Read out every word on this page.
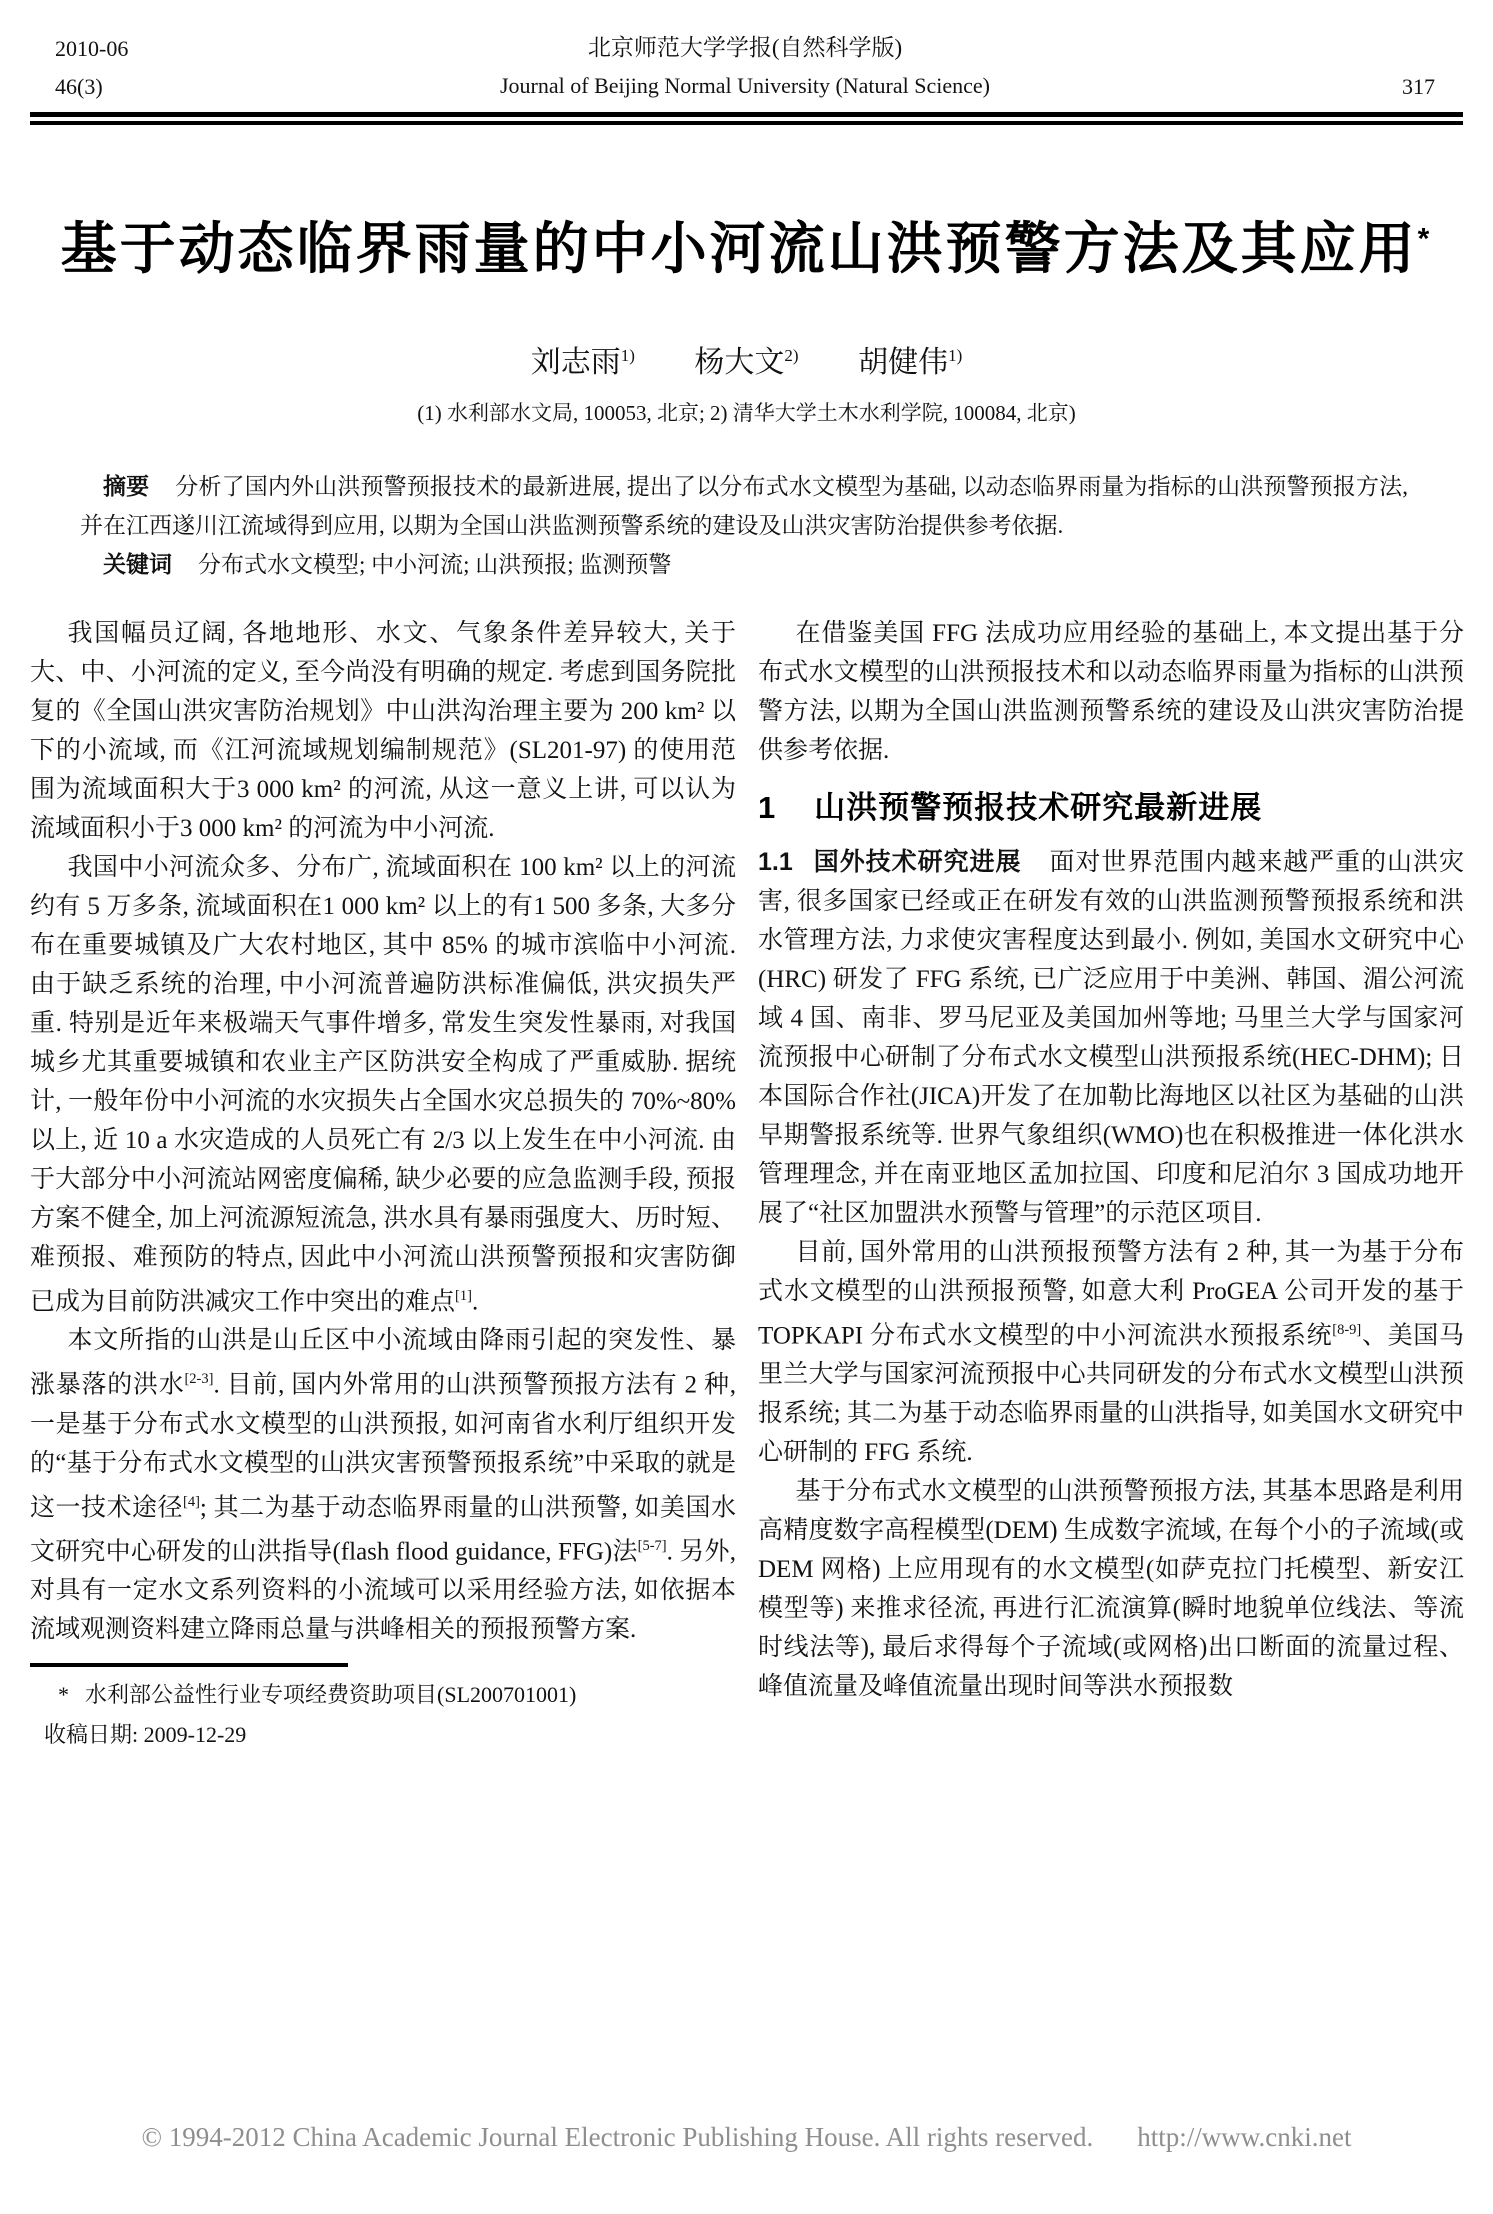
2010-06
46(3)
北京师范大学学报(自然科学版)
Journal of Beijing Normal University (Natural Science)	317
基于动态临界雨量的中小河流山洪预警方法及其应用*
刘志雨$^{1)}$ 杨大文$^{2)}$ 胡健伟$^{1)}$
(1) 水利部水文局, 100053, 北京; 2) 清华大学土木水利学院, 100084, 北京)

摘要 分析了国内外山洪预警预报技术的最新进展, 提出了以分布式水文模型为基础, 以动态临界雨量为指标的山洪预警预报方法, 并在江西遂川江流域得到应用, 以期为全国山洪监测预警系统的建设及山洪灾害防治提供参考依据.

关键词 分布式水文模型; 中小河流; 山洪预报; 监测预警

我国幅员辽阔, 各地地形、水文、气象条件差异较大, 关于大、中、小河流的定义, 至今尚没有明确的规定. 考虑到国务院批复的《全国山洪灾害防治规划》中山洪沟治理主要为 200 km² 以下的小流域, 而《江河流域规划编制规范》(SL201-97) 的使用范围为流域面积大于3 000 km² 的河流, 从这一意义上讲, 可以认为流域面积小于3 000 km² 的河流为中小河流.

我国中小河流众多、分布广, 流域面积在 100 km² 以上的河流约有 5 万多条, 流域面积在1 000 km² 以上的有1 500 多条, 大多分布在重要城镇及广大农村地区, 其中 85% 的城市滨临中小河流. 由于缺乏系统的治理, 中小河流普遍防洪标准偏低, 洪灾损失严重. 特别是近年来极端天气事件增多, 常发生突发性暴雨, 对我国城乡尤其重要城镇和农业主产区防洪安全构成了严重威胁. 据统计, 一般年份中小河流的水灾损失占全国水灾总损失的 70%~80% 以上, 近 10 a 水灾造成的人员死亡有 2/3 以上发生在中小河流. 由于大部分中小河流站网密度偏稀, 缺少必要的应急监测手段, 预报方案不健全, 加上河流源短流急, 洪水具有暴雨强度大、历时短、难预报、难预防的特点, 因此中小河流山洪预警预报和灾害防御已成为目前防洪减灾工作中突出的难点[1].

本文所指的山洪是山丘区中小流域由降雨引起的突发性、暴涨暴落的洪水[2-3]. 目前, 国内外常用的山洪预警预报方法有 2 种, 一是基于分布式水文模型的山洪预报, 如河南省水利厅组织开发的“基于分布式水文模型的山洪灾害预警预报系统”中采取的就是这一技术途径[4]; 其二为基于动态临界雨量的山洪预警, 如美国水文研究中心研发的山洪指导(flash flood guidance, FFG)法[5-7]. 另外, 对具有一定水文系列资料的小流域可以采用经验方法, 如依据本流域观测资料建立降雨总量与洪峰相关的预报预警方案.

* 水利部公益性行业专项经费资助项目(SL200701001)
收稿日期: 2009-12-29

在借鉴美国 FFG 法成功应用经验的基础上, 本文提出基于分布式水文模型的山洪预报技术和以动态临界雨量为指标的山洪预警方法, 以期为全国山洪监测预警系统的建设及山洪灾害防治提供参考依据.

1 山洪预警预报技术研究最新进展

1.1 国外技术研究进展 面对世界范围内越来越严重的山洪灾害, 很多国家已经或正在研发有效的山洪监测预警预报系统和洪水管理方法, 力求使灾害程度达到最小. 例如, 美国水文研究中心(HRC) 研发了 FFG 系统, 已广泛应用于中美洲、韩国、湄公河流域 4 国、南非、罗马尼亚及美国加州等地; 马里兰大学与国家河流预报中心研制了分布式水文模型山洪预报系统(HEC-DHM); 日本国际合作社(JICA)开发了在加勒比海地区以社区为基础的山洪早期警报系统等. 世界气象组织(WMO)也在积极推进一体化洪水管理理念, 并在南亚地区孟加拉国、印度和尼泊尔 3 国成功地开展了“社区加盟洪水预警与管理”的示范区项目.

目前, 国外常用的山洪预报预警方法有 2 种, 其一为基于分布式水文模型的山洪预报预警, 如意大利 ProGEA 公司开发的基于 TOPKAPI 分布式水文模型的中小河流洪水预报系统[8-9]、美国马里兰大学与国家河流预报中心共同研发的分布式水文模型山洪预报系统; 其二为基于动态临界雨量的山洪指导, 如美国水文研究中心研制的 FFG 系统.

基于分布式水文模型的山洪预警预报方法, 其基本思路是利用高精度数字高程模型(DEM) 生成数字流域, 在每个小的子流域(或 DEM 网格) 上应用现有的水文模型(如萨克拉门托模型、新安江模型等) 来推求径流, 再进行汇流演算(瞬时地貌单位线法、等流时线法等), 最后求得每个子流域(或网格)出口断面的流量过程、峰值流量及峰值流量出现时间等洪水预报数

© 1994-2012 China Academic Journal Electronic Publishing House. All rights reserved. http://www.cnki.net
